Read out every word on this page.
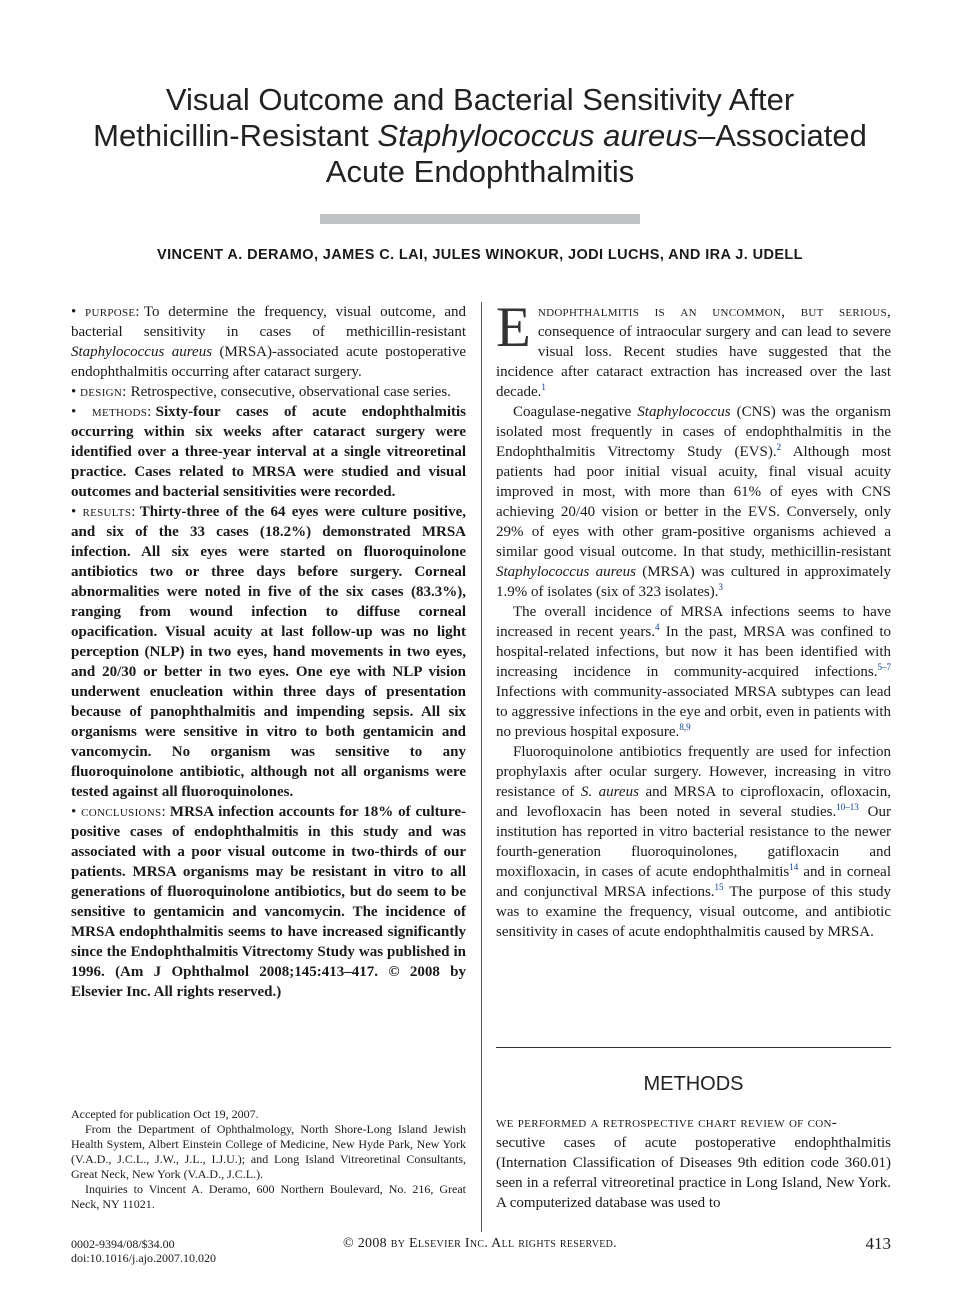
Visual Outcome and Bacterial Sensitivity After
Methicillin-Resistant Staphylococcus aureus–Associated
Acute Endophthalmitis
VINCENT A. DERAMO, JAMES C. LAI, JULES WINOKUR, JODI LUCHS, AND IRA J. UDELL

• purpose: To determine the frequency, visual outcome, and bacterial sensitivity in cases of methicillin-resistant Staphylococcus aureus (MRSA)-associated acute postoperative endophthalmitis occurring after cataract surgery.

• design: Retrospective, consecutive, observational case series.

• methods: Sixty-four cases of acute endophthalmitis occurring within six weeks after cataract surgery were identified over a three-year interval at a single vitreoretinal practice. Cases related to MRSA were studied and visual outcomes and bacterial sensitivities were recorded.

• results: Thirty-three of the 64 eyes were culture positive, and six of the 33 cases (18.2%) demonstrated MRSA infection. All six eyes were started on fluoroquinolone antibiotics two or three days before surgery. Corneal abnormalities were noted in five of the six cases (83.3%), ranging from wound infection to diffuse corneal opacification. Visual acuity at last follow-up was no light perception (NLP) in two eyes, hand movements in two eyes, and 20/30 or better in two eyes. One eye with NLP vision underwent enucleation within three days of presentation because of panophthalmitis and impending sepsis. All six organisms were sensitive in vitro to both gentamicin and vancomycin. No organism was sensitive to any fluoroquinolone antibiotic, although not all organisms were tested against all fluoroquinolones.

• conclusions: MRSA infection accounts for 18% of culture-positive cases of endophthalmitis in this study and was associated with a poor visual outcome in two-thirds of our patients. MRSA organisms may be resistant in vitro to all generations of fluoroquinolone antibiotics, but do seem to be sensitive to gentamicin and vancomycin. The incidence of MRSA endophthalmitis seems to have increased significantly since the Endophthalmitis Vitrectomy Study was published in 1996. (Am J Ophthalmol 2008;145:413–417. © 2008 by Elsevier Inc. All rights reserved.)

Accepted for publication Oct 19, 2007.

From the Department of Ophthalmology, North Shore-Long Island Jewish Health System, Albert Einstein College of Medicine, New Hyde Park, New York (V.A.D., J.C.L., J.W., J.L., I.J.U.); and Long Island Vitreoretinal Consultants, Great Neck, New York (V.A.D., J.C.L.).

Inquiries to Vincent A. Deramo, 600 Northern Boulevard, No. 216, Great Neck, NY 11021.

Endophthalmitis is an uncommon, but serious, consequence of intraocular surgery and can lead to severe visual loss. Recent studies have suggested that the incidence after cataract extraction has increased over the last decade.$^1$

Coagulase-negative Staphylococcus (CNS) was the organism isolated most frequently in cases of endophthalmitis in the Endophthalmitis Vitrectomy Study (EVS).$^2$ Although most patients had poor initial visual acuity, final visual acuity improved in most, with more than 61% of eyes with CNS achieving 20/40 vision or better in the EVS. Conversely, only 29% of eyes with other gram-positive organisms achieved a similar good visual outcome. In that study, methicillin-resistant Staphylococcus aureus (MRSA) was cultured in approximately 1.9% of isolates (six of 323 isolates).$^3$

The overall incidence of MRSA infections seems to have increased in recent years.$^4$ In the past, MRSA was confined to hospital-related infections, but now it has been identified with increasing incidence in community-acquired infections.$^{5-7}$ Infections with community-associated MRSA subtypes can lead to aggressive infections in the eye and orbit, even in patients with no previous hospital exposure.$^{8,9}$

Fluoroquinolone antibiotics frequently are used for infection prophylaxis after ocular surgery. However, increasing in vitro resistance of S. aureus and MRSA to ciprofloxacin, ofloxacin, and levofloxacin has been noted in several studies.$^{10-13}$ Our institution has reported in vitro bacterial resistance to the newer fourth-generation fluoroquinolones, gatifloxacin and moxifloxacin, in cases of acute endophthalmitis$^{14}$ and in corneal and conjunctival MRSA infections.$^{15}$ The purpose of this study was to examine the frequency, visual outcome, and antibiotic sensitivity in cases of acute endophthalmitis caused by MRSA.

METHODS
we performed a retrospective chart review of con-
secutive cases of acute postoperative endophthalmitis (Internation Classification of Diseases 9th edition code 360.01) seen in a referral vitreoretinal practice in Long Island, New York. A computerized database was used to
0002-9394/08/$34.00
doi:10.1016/j.ajo.2007.10.020
© 2008 by Elsevier Inc. All rights reserved.	413
